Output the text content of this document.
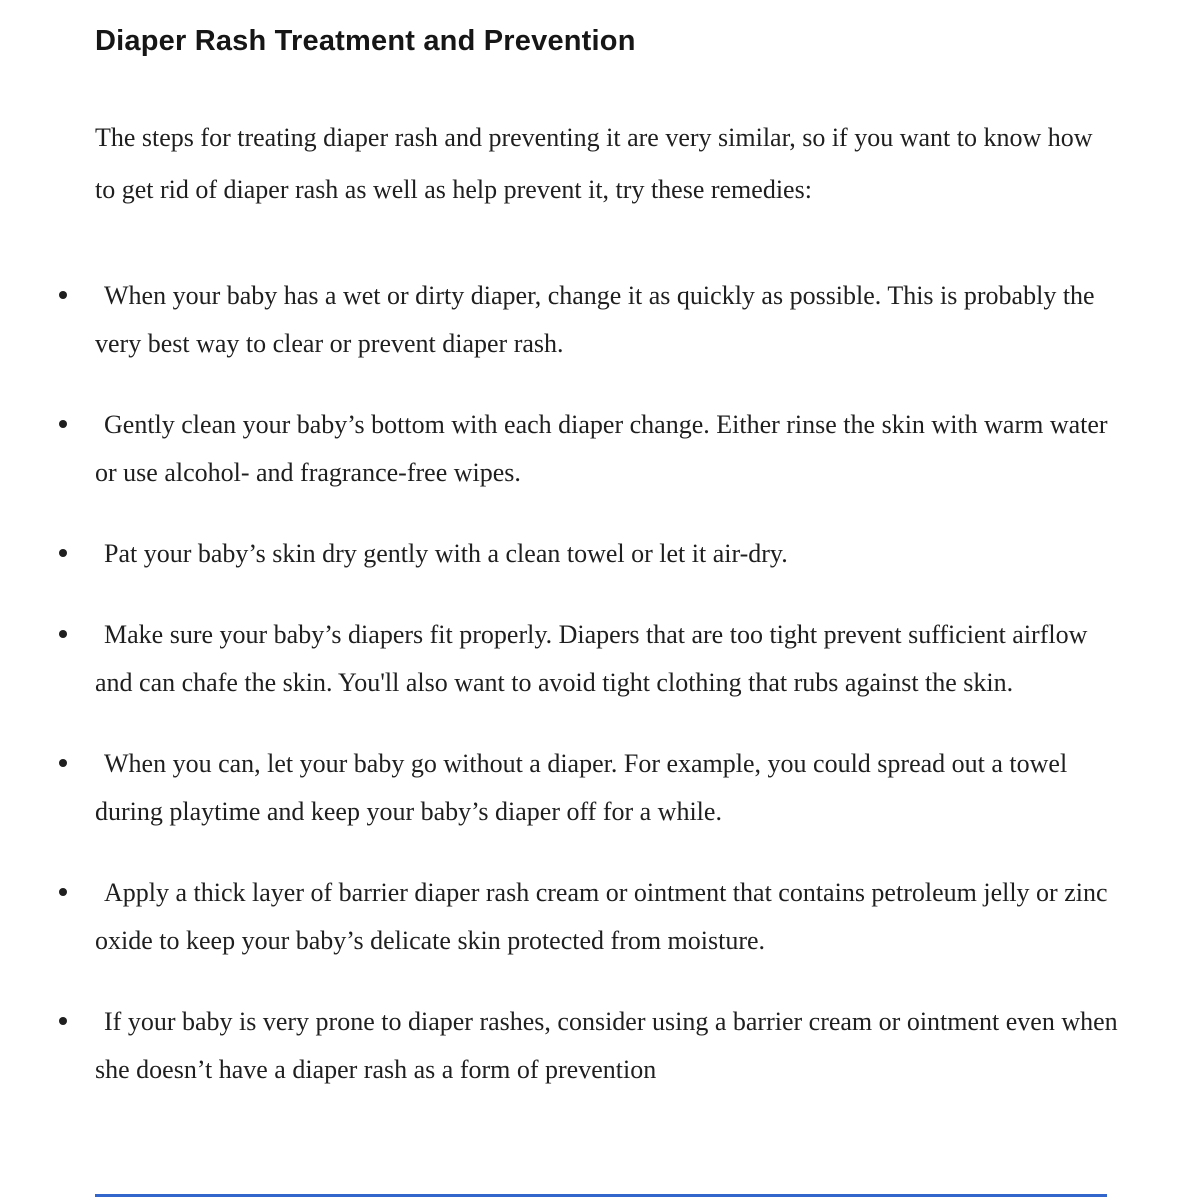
Diaper Rash Treatment and Prevention

The steps for treating diaper rash and preventing it are very similar, so if you want to know how to get rid of diaper rash as well as help prevent it, try these remedies:

When your baby has a wet or dirty diaper, change it as quickly as possible. This is probably the very best way to clear or prevent diaper rash.
Gently clean your baby’s bottom with each diaper change. Either rinse the skin with warm water or use alcohol- and fragrance-free wipes.
Pat your baby’s skin dry gently with a clean towel or let it air-dry.
Make sure your baby’s diapers fit properly. Diapers that are too tight prevent sufficient airflow and can chafe the skin. You'll also want to avoid tight clothing that rubs against the skin.
When you can, let your baby go without a diaper. For example, you could spread out a towel during playtime and keep your baby’s diaper off for a while.
Apply a thick layer of barrier diaper rash cream or ointment that contains petroleum jelly or zinc oxide to keep your baby’s delicate skin protected from moisture.
If your baby is very prone to diaper rashes, consider using a barrier cream or ointment even when she doesn’t have a diaper rash as a form of prevention
